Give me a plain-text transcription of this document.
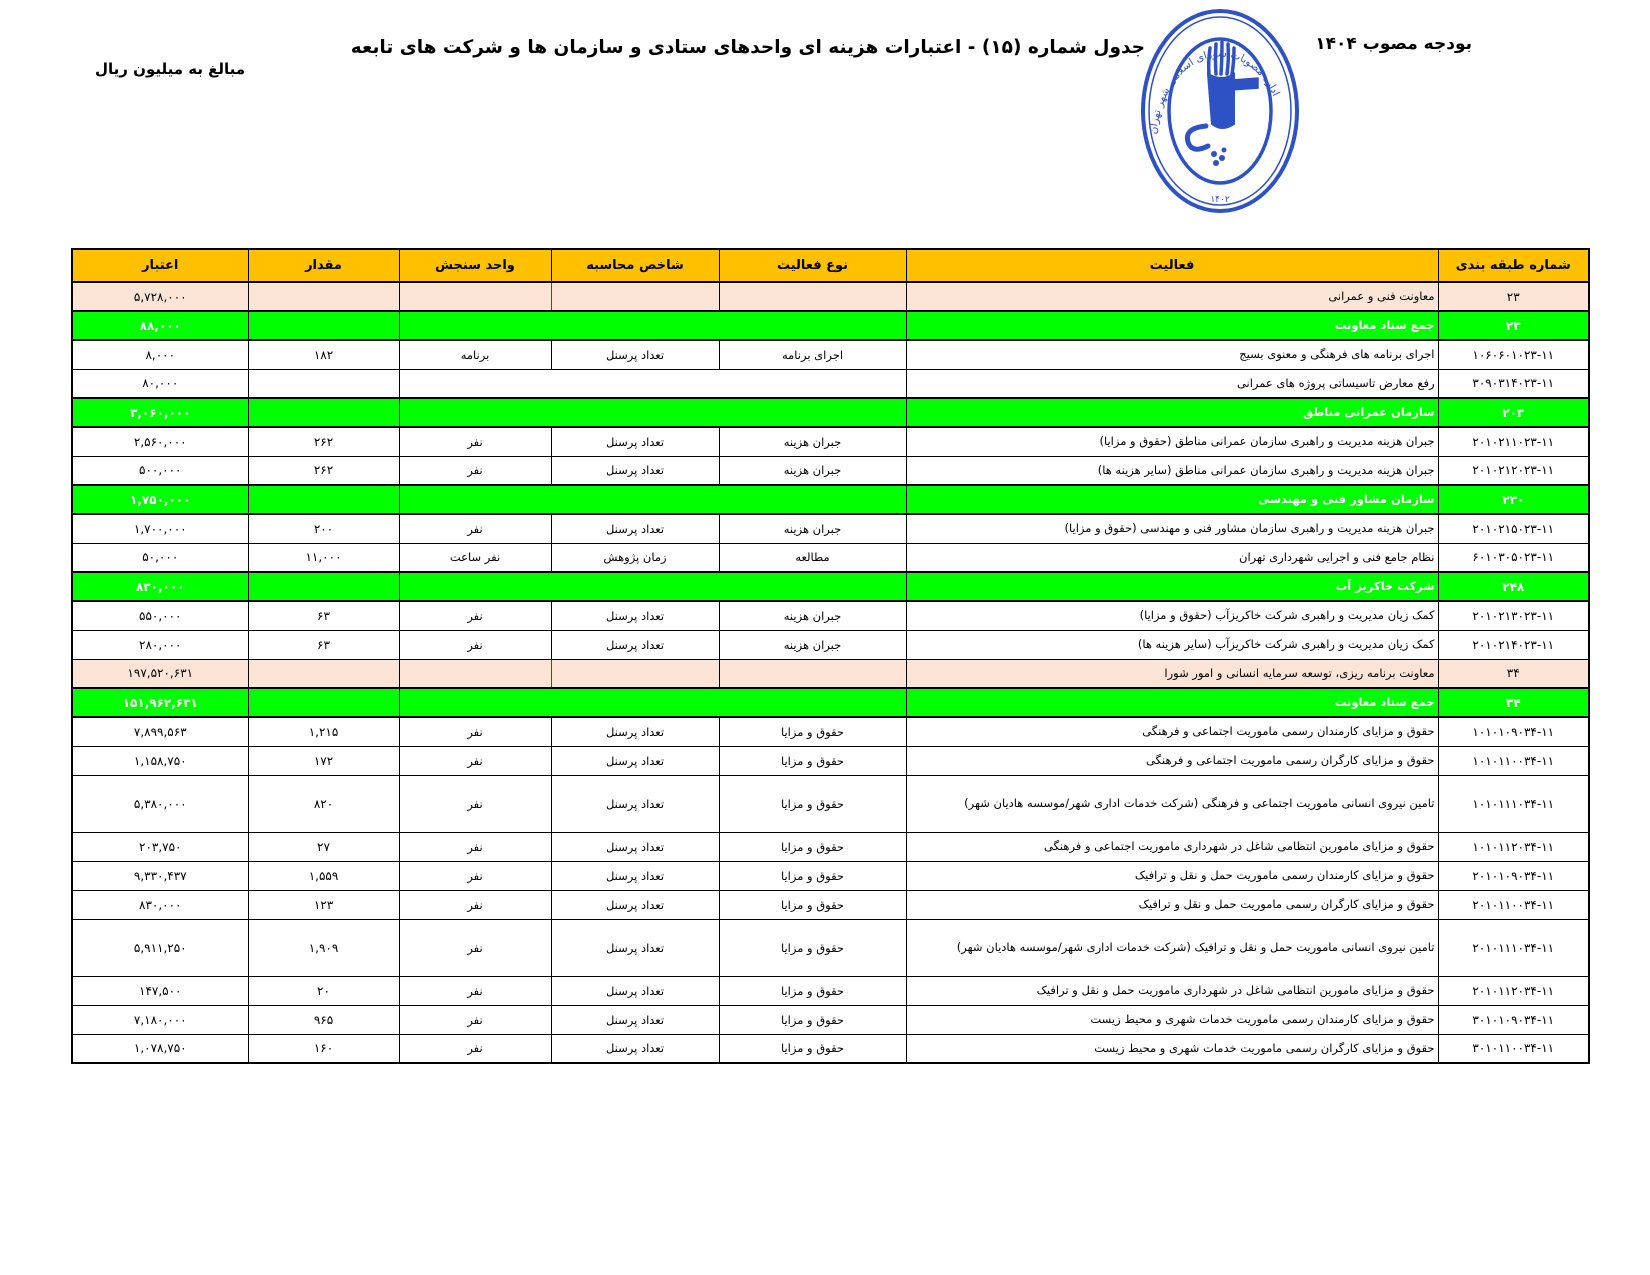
بودجه مصوب ۱۴۰۴
جدول شماره (۱۵) - اعتبارات هزینه ای واحدهای ستادی و سازمان ها و شرکت های تابعه
مبالغ به میلیون ریال
اداره مصوبات شورای اسلامی شهر تهران
۱۴۰۲
شماره طبقه بندی	فعالیت	نوع فعالیت	شاخص محاسبه	واحد سنجش	مقدار	اعتبار
۲۳	معاونت فنی و عمرانی					۵,۷۲۸,۰۰۰
۲۳	جمع ستاد معاونت					۸۸,۰۰۰
۱۰۶۰۶۰۱۰۲۳-۱۱	اجرای برنامه های فرهنگی و معنوی بسیج	اجرای برنامه	تعداد پرسنل	برنامه	۱۸۲	۸,۰۰۰
۳۰۹۰۳۱۴۰۲۳-۱۱	رفع معارض تاسیساتی پروژه های عمرانی					۸۰,۰۰۰
۲۰۳	سازمان عمرانی مناطق					۳,۰۶۰,۰۰۰
۲۰۱۰۲۱۱۰۲۳-۱۱	جبران هزینه مدیریت و راهبری سازمان عمرانی مناطق (حقوق و مزایا)	جبران هزینه	تعداد پرسنل	نفر	۲۶۲	۲,۵۶۰,۰۰۰
۲۰۱۰۲۱۲۰۲۳-۱۱	جبران هزینه مدیریت و راهبری سازمان عمرانی مناطق (سایر هزینه ها)	جبران هزینه	تعداد پرسنل	نفر	۲۶۲	۵۰۰,۰۰۰
۲۳۰	سازمان مشاور فنی و مهندسی					۱,۷۵۰,۰۰۰
۲۰۱۰۲۱۵۰۲۳-۱۱	جبران هزینه مدیریت و راهبری سازمان مشاور فنی و مهندسی (حقوق و مزایا)	جبران هزینه	تعداد پرسنل	نفر	۲۰۰	۱,۷۰۰,۰۰۰
۶۰۱۰۳۰۵۰۲۳-۱۱	نظام جامع فنی و اجرایی شهرداری تهران	مطالعه	زمان پژوهش	نفر ساعت	۱۱,۰۰۰	۵۰,۰۰۰
۲۴۸	شرکت خاکریز آب					۸۳۰,۰۰۰
۲۰۱۰۲۱۳۰۲۳-۱۱	کمک زیان مدیریت و راهبری شرکت خاکریزآب (حقوق و مزایا)	جبران هزینه	تعداد پرسنل	نفر	۶۳	۵۵۰,۰۰۰
۲۰۱۰۲۱۴۰۲۳-۱۱	کمک زیان مدیریت و راهبری شرکت خاکریزآب (سایر هزینه ها)	جبران هزینه	تعداد پرسنل	نفر	۶۳	۲۸۰,۰۰۰
۳۴	معاونت برنامه ریزی، توسعه سرمایه انسانی و امور شورا					۱۹۷,۵۲۰,۶۳۱
۳۴	جمع ستاد معاونت					۱۵۱,۹۶۲,۶۳۱
۱۰۱۰۱۰۹۰۳۴-۱۱	حقوق و مزایای کارمندان رسمی ماموریت اجتماعی و فرهنگی	حقوق و مزایا	تعداد پرسنل	نفر	۱,۲۱۵	۷,۸۹۹,۵۶۳
۱۰۱۰۱۱۰۰۳۴-۱۱	حقوق و مزایای کارگران رسمی ماموریت اجتماعی و فرهنگی	حقوق و مزایا	تعداد پرسنل	نفر	۱۷۲	۱,۱۵۸,۷۵۰
۱۰۱۰۱۱۱۰۳۴-۱۱	تامین نیروی انسانی ماموریت اجتماعی و فرهنگی (شرکت خدمات اداری شهر/موسسه هادیان شهر)	حقوق و مزایا	تعداد پرسنل	نفر	۸۲۰	۵,۳۸۰,۰۰۰
۱۰۱۰۱۱۲۰۳۴-۱۱	حقوق و مزایای مامورین انتظامی شاغل در شهرداری ماموریت اجتماعی و فرهنگی	حقوق و مزایا	تعداد پرسنل	نفر	۲۷	۲۰۳,۷۵۰
۲۰۱۰۱۰۹۰۳۴-۱۱	حقوق و مزایای کارمندان رسمی ماموریت حمل و نقل و ترافیک	حقوق و مزایا	تعداد پرسنل	نفر	۱,۵۵۹	۹,۳۳۰,۴۳۷
۲۰۱۰۱۱۰۰۳۴-۱۱	حقوق و مزایای کارگران رسمی ماموریت حمل و نقل و ترافیک	حقوق و مزایا	تعداد پرسنل	نفر	۱۲۳	۸۳۰,۰۰۰
۲۰۱۰۱۱۱۰۳۴-۱۱	تامین نیروی انسانی ماموریت حمل و نقل و ترافیک (شرکت خدمات اداری شهر/موسسه هادیان شهر)	حقوق و مزایا	تعداد پرسنل	نفر	۱,۹۰۹	۵,۹۱۱,۲۵۰
۲۰۱۰۱۱۲۰۳۴-۱۱	حقوق و مزایای مامورین انتظامی شاغل در شهرداری ماموریت حمل و نقل و ترافیک	حقوق و مزایا	تعداد پرسنل	نفر	۲۰	۱۴۷,۵۰۰
۳۰۱۰۱۰۹۰۳۴-۱۱	حقوق و مزایای کارمندان رسمی ماموریت خدمات شهری و محیط زیست	حقوق و مزایا	تعداد پرسنل	نفر	۹۶۵	۷,۱۸۰,۰۰۰
۳۰۱۰۱۱۰۰۳۴-۱۱	حقوق و مزایای کارگران رسمی ماموریت خدمات شهری و محیط زیست	حقوق و مزایا	تعداد پرسنل	نفر	۱۶۰	۱,۰۷۸,۷۵۰
